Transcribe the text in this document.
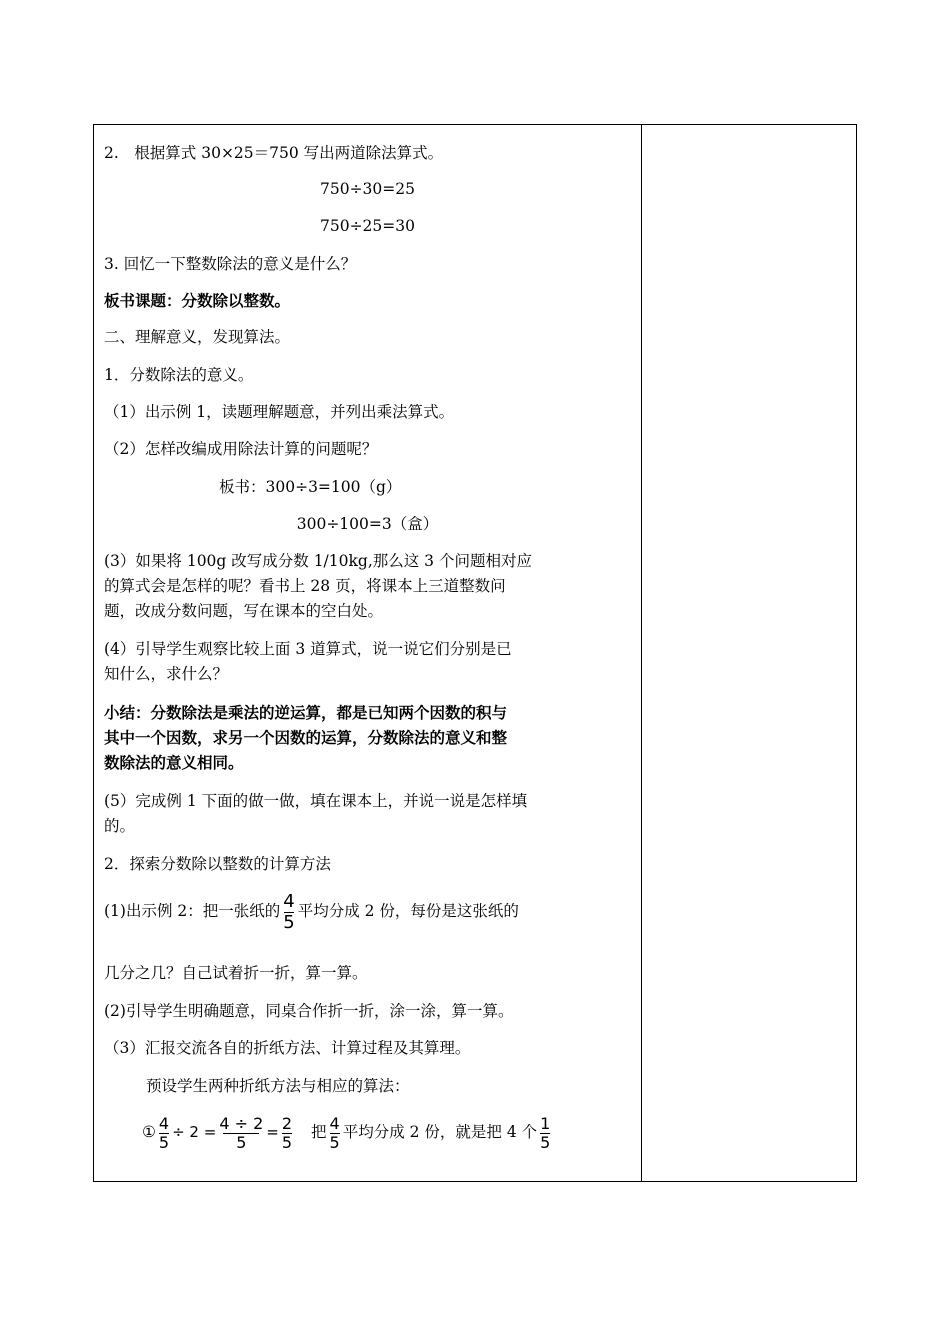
2.　根据算式 30×25＝750 写出两道除法算式。
750÷30=25
750÷25=30
3. 回忆一下整数除法的意义是什么？
板书课题：分数除以整数。
二、理解意义，发现算法。
1．分数除法的意义。
（1）出示例 1，读题理解题意，并列出乘法算式。
（2）怎样改编成用除法计算的问题呢？
板书：300÷3=100（g）
300÷100=3（盒）
(3）如果将 100g 改写成分数 1/10kg,那么这 3 个问题相对应
的算式会是怎样的呢？看书上 28 页，将课本上三道整数问
题，改成分数问题，写在课本的空白处。
(4）引导学生观察比较上面 3 道算式，说一说它们分别是已
知什么，求什么？
小结：分数除法是乘法的逆运算，都是已知两个因数的积与
其中一个因数，求另一个因数的运算，分数除法的意义和整
数除法的意义相同。
(5）完成例 1 下面的做一做，填在课本上，并说一说是怎样填
的。
2．探索分数除以整数的计算方法
(1)出示例 2：把一张纸的 $\frac{4}{5}$ 平均分成 2 份，每份是这张纸的
几分之几？自己试着折一折，算一算。
(2)引导学生明确题意，同桌合作折一折，涂一涂，算一算。
（3）汇报交流各自的折纸方法、计算过程及其算理。
预设学生两种折纸方法与相应的算法：
① $\frac{4}{5} \div 2 = \frac{4 \div 2}{5} = \frac{2}{5}$ 把 $\frac{4}{5}$ 平均分成 2 份，就是把 4 个 $\frac{1}{5}$
